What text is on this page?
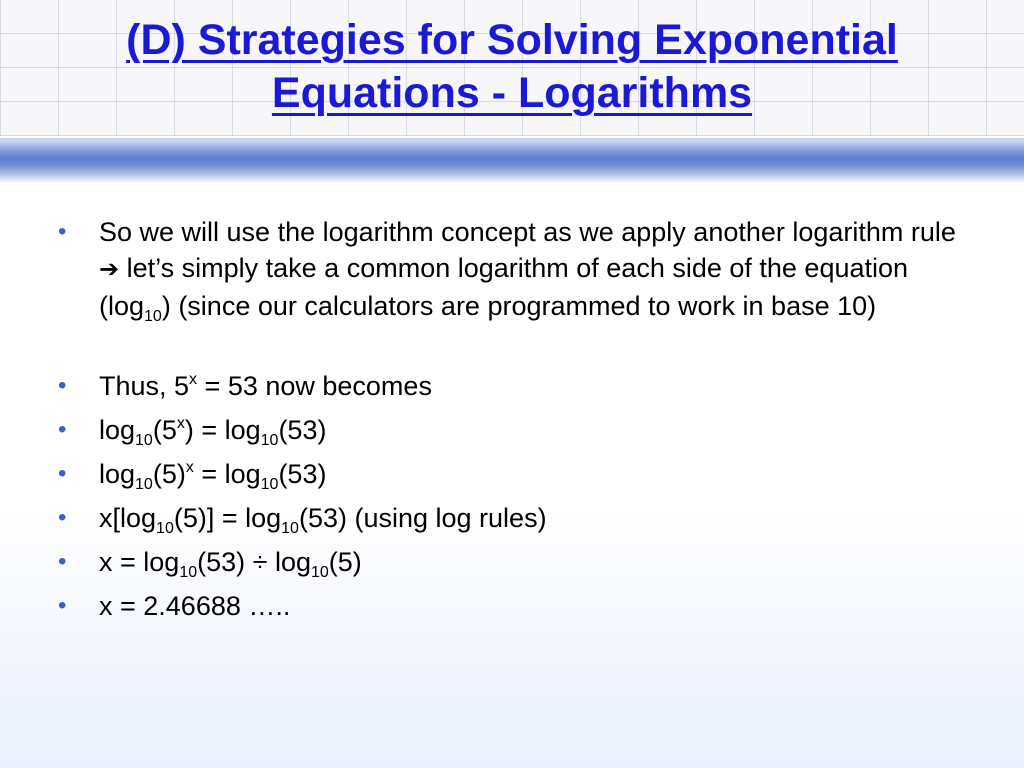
(D) Strategies for Solving Exponential
Equations - Logarithms
• So we will use the logarithm concept as we apply another logarithm rule ➔ let’s simply take a common logarithm of each side of the equation $(\log_{10})$ (since our calculators are programmed to work in base 10)
• Thus, $5^x = 53$ now becomes
• $\log_{10}(5^x) = \log_{10}(53)$
• $\log_{10}(5)^x = \log_{10}(53)$
• $x[\log_{10}(5)] = \log_{10}(53)$ (using log rules)
• $x = \log_{10}(53) \div \log_{10}(5)$
• x = 2.46688 …..
